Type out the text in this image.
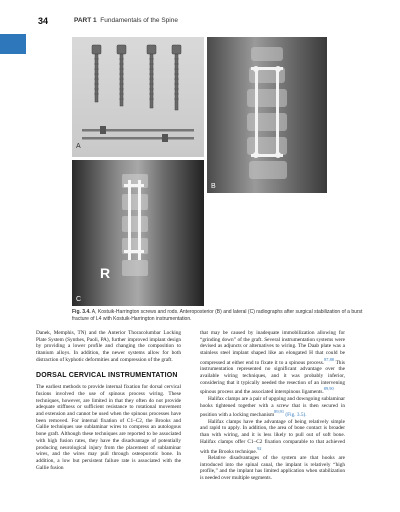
34	PART 1 Fundamentals of the Spine
A
B
R
C
Fig. 3.4. A, Kostuik-Harrington screws and rods. Anteroposterior (B) and lateral (C) radiographs after surgical stabilization of a burst fracture of L4 with Kostuik-Harrington instrumentation.

Danek, Memphis, TN) and the Anterior Thoracolumbar Locking Plate System (Synthes, Paoli, PA), further improved implant design by providing a lower profile and changing the composition to titanium alloys. In addition, the newer systems allow for both distraction of kyphotic deformities and compression of the graft.

DORSAL CERVICAL INSTRUMENTATION

The earliest methods to provide internal fixation for dorsal cervical fusions involved the use of spinous process wiring. These techniques, however, are limited in that they often do not provide adequate stiffness or sufficient resistance to rotational movement and extension and cannot be used when the spinous processes have been removed. For internal fixation of C1–C2, the Brooks and Gallie techniques use sublaminar wires to compress an autologous bone graft. Although these techniques are reported to be associated with high fusion rates, they have the disadvantage of potentially producing neurological injury from the placement of sublaminar wires, and the wires may pull through osteoporotic bone. In addition, a low but persistent failure rate is associated with the Gallie fusion

that may be caused by inadequate immobilization allowing for “grinding down” of the graft. Several instrumentation systems were devised as adjuncts or alternatives to wiring. The Daab plate was a stainless steel implant shaped like an elongated H that could be compressed at either end to fixate it to a spinous process.$^{87,88}$ This instrumentation represented no significant advantage over the available wiring techniques, and it was probably inferior, considering that it typically needed the resection of an intervening spinous process and the associated interspinous ligaments.$^{89,90}$

Halifax clamps are a pair of upgoing and downgoing sublaminar hooks tightened together with a screw that is then secured in position with a locking mechanism$^{89,91}$ (Fig. 3.5).

Halifax clamps have the advantage of being relatively simple and rapid to apply. In addition, the area of bone contact is broader than with wiring, and it is less likely to pull out of soft bone. Halifax clamps offer C1–C2 fixation comparable to that achieved with the Brooks technique.$^{92}$

Relative disadvantages of the system are that hooks are introduced into the spinal canal, the implant is relatively “high profile,” and the implant has limited application when stabilization is needed over multiple segments.
